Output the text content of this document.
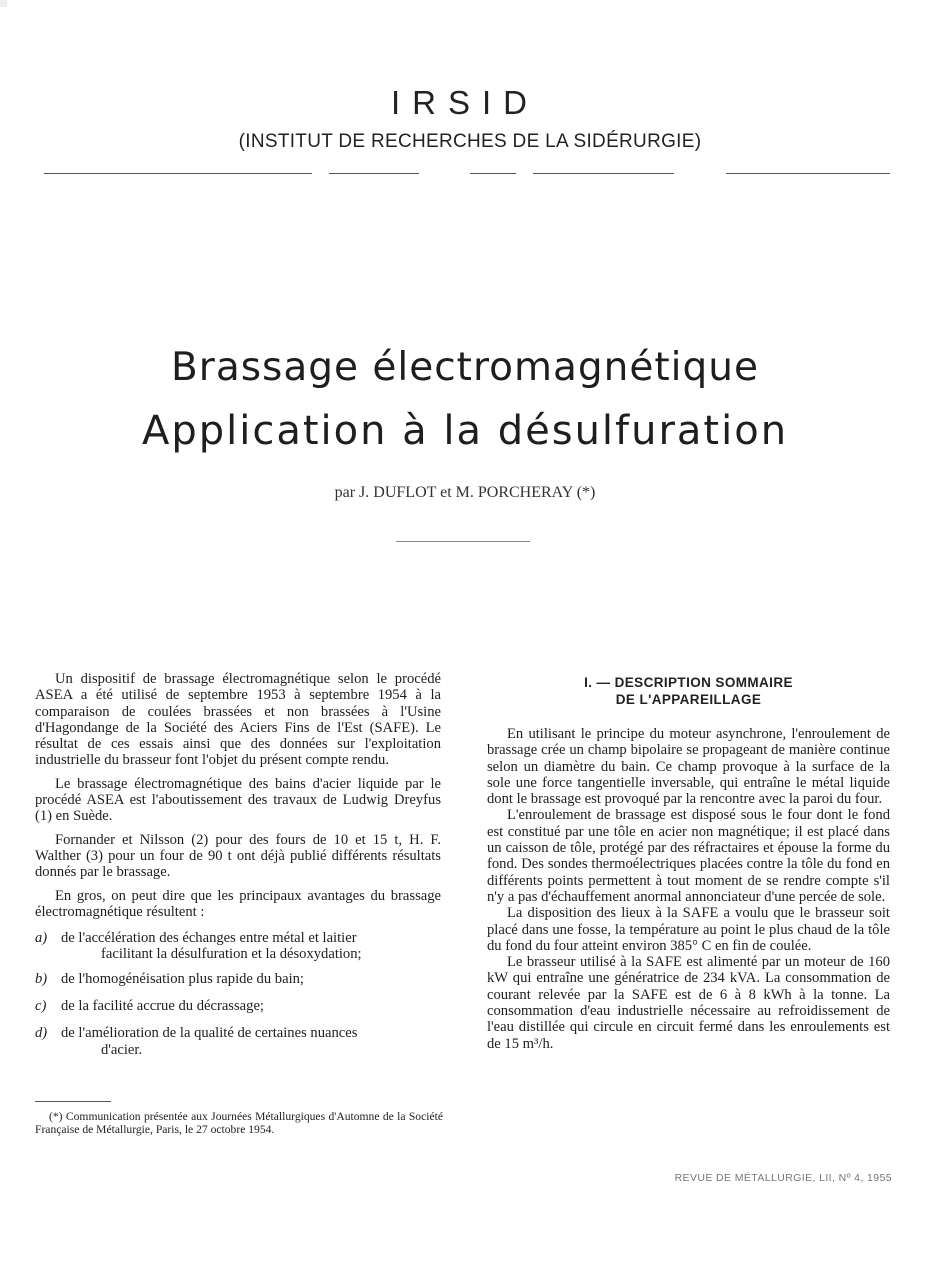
IRSID
(INSTITUT DE RECHERCHES DE LA SIDÉRURGIE)
Brassage électromagnétique
Application à la désulfuration
par J. DUFLOT et M. PORCHERAY (*)

Un dispositif de brassage électromagnétique selon le procédé ASEA a été utilisé de septembre 1953 à septembre 1954 à la comparaison de coulées brassées et non brassées à l'Usine d'Hagondange de la Société des Aciers Fins de l'Est (SAFE). Le résultat de ces essais ainsi que des données sur l'exploitation industrielle du brasseur font l'objet du présent compte rendu.

Le brassage électromagnétique des bains d'acier liquide par le procédé ASEA est l'aboutissement des travaux de Ludwig Dreyfus (1) en Suède.

Fornander et Nilsson (2) pour des fours de 10 et 15 t, H. F. Walther (3) pour un four de 90 t ont déjà publié différents résultats donnés par le brassage.

En gros, on peut dire que les principaux avantages du brassage électromagnétique résultent :

a) de l'accélération des échanges entre métal et laitier
facilitant la désulfuration et la désoxydation;
b) de l'homogénéisation plus rapide du bain;
c)	de la facilité accrue du décrassage;
d) de l'amélioration de la qualité de certaines nuances
d'acier.
(*) Communication présentée aux Journées Métallurgiques d'Automne de la Société Française de Métallurgie, Paris, le 27 octobre 1954.
I. — DESCRIPTION SOMMAIRE
DE L'APPAREILLAGE

En utilisant le principe du moteur asynchrone, l'enroulement de brassage crée un champ bipolaire se propageant de manière continue selon un diamètre du bain. Ce champ provoque à la surface de la sole une force tangentielle inversable, qui entraîne le métal liquide dont le brassage est provoqué par la rencontre avec la paroi du four.

L'enroulement de brassage est disposé sous le four dont le fond est constitué par une tôle en acier non magnétique; il est placé dans un caisson de tôle, protégé par des réfractaires et épouse la forme du fond. Des sondes thermoélectriques placées contre la tôle du fond en différents points permettent à tout moment de se rendre compte s'il n'y a pas d'échauffement anormal annonciateur d'une percée de sole.

La disposition des lieux à la SAFE a voulu que le brasseur soit placé dans une fosse, la température au point le plus chaud de la tôle du fond du four atteint environ 385° C en fin de coulée.

Le brasseur utilisé à la SAFE est alimenté par un moteur de 160 kW qui entraîne une génératrice de 234 kVA. La consommation de courant relevée par la SAFE est de 6 à 8 kWh à la tonne. La consommation d'eau industrielle nécessaire au refroidissement de l'eau distillée qui circule en circuit fermé dans les enroulements est de 15 m³/h.

REVUE DE MÉTALLURGIE, LII, Nº 4, 1955
